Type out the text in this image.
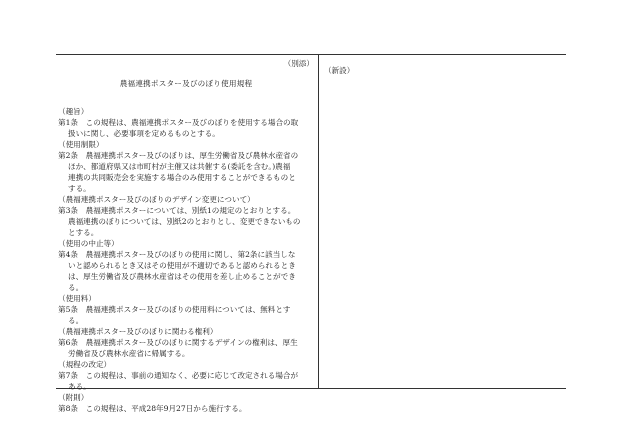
（別添）
農福連携ポスター及びのぼり使用規程
（趣旨）
第1条 　この規程は、農福連携ポスター及びのぼりを使用する場合の取
扱いに関し、必要事項を定めるものとする。
（使用制限）
第2条 　農福連携ポスター及びのぼりは、厚生労働省及び農林水産省の
ほか、都道府県又は市町村が主催又は共催する(委託を含む。)農福
連携の共同販売会を実施する場合のみ使用することができるものと
する。
（農福連携ポスター及びのぼりのデザイン変更について）
第3条 　農福連携ポスターについては、別紙1の規定のとおりとする。
農福連携のぼりについては、別紙2のとおりとし、変更できないもの
とする。
（使用の中止等）
第4条 　農福連携ポスター及びのぼりの使用に関し、第2条に該当しな
いと認められるとき又はその使用が不適切であると認められるとき
は、厚生労働省及び農林水産省はその使用を差し止めることができ
る。
（使用料）
第5条 　農福連携ポスター及びのぼりの使用料については、無料とす
る。
（農福連携ポスター及びのぼりに関わる権利）
第6条 　農福連携ポスター及びのぼりに関するデザインの権利は、厚生
労働省及び農林水産省に帰属する。
（規程の改定）
第7条 　この規程は、事前の通知なく、必要に応じて改定される場合が
ある。
（附則）
第8条 　この規程は、平成28年9月27日から施行する。
（新設）
